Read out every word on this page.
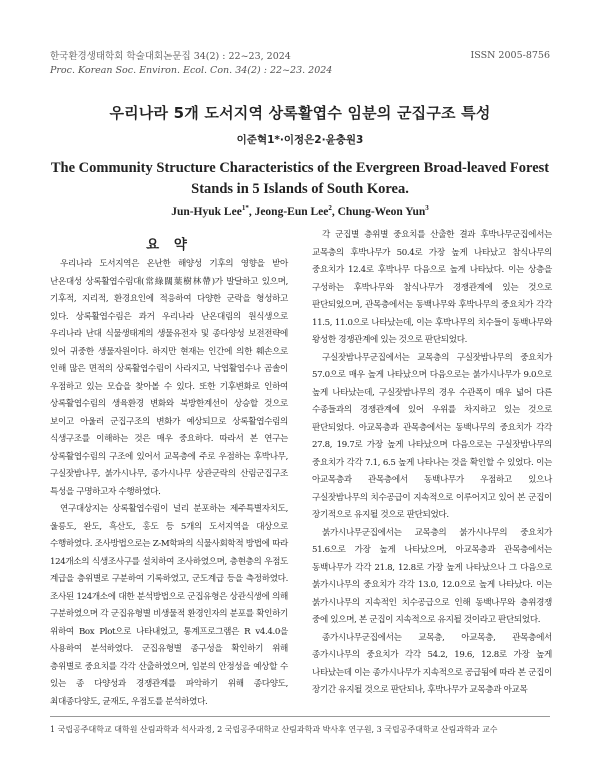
한국환경생태학회 학술대회논문집 34(2) : 22~23, 2024
Proc. Korean Soc. Environ. Ecol. Con. 34(2) : 22~23. 2024
ISSN 2005-8756
우리나라 5개 도서지역 상록활엽수 임분의 군집구조 특성
이준혁1*·이정은2·윤충원3
The Community Structure Characteristics of the Evergreen Broad-leaved Forest Stands in 5 Islands of South Korea.
Jun-Hyuk Lee$^{1*}$, Jeong-Eun Lee$^2$, Chung-Weon Yun$^3$
요 약

우리나라 도서지역은 온난한 해양성 기후의 영향을 받아 난온대성 상록활엽수림대(常綠闊葉樹林帶)가 발달하고 있으며, 기후적, 지리적, 환경요인에 적응하여 다양한 군락을 형성하고 있다. 상록활엽수림은 과거 우리나라 난온대림의 원식생으로 우리나라 난대 식물생태계의 생물유전자 및 종다양성 보전전략에 있어 귀중한 생물자원이다. 하지만 현재는 인간에 의한 훼손으로 인해 많은 면적의 상록활엽수림이 사라지고, 낙엽활엽수나 곰솔이 우점하고 있는 모습을 찾아볼 수 있다. 또한 기후변화로 인하여 상록활엽수림의 생육환경 변화와 북방한계선이 상승할 것으로 보이고 아울러 군집구조의 변화가 예상되므로 상록활엽수림의 식생구조를 이해하는 것은 매우 중요하다. 따라서 본 연구는 상록활엽수림의 구조에 있어서 교목층에 주로 우점하는 후박나무, 구실잣밤나무, 붉가시나무, 종가시나무 상관군락의 산림군집구조 특성을 구명하고자 수행하였다.

연구대상지는 상록활엽수림이 널리 분포하는 제주특별자치도, 울릉도, 완도, 흑산도, 홍도 등 5개의 도서지역을 대상으로 수행하였다. 조사방법으로는 Z-M학파의 식물사회학적 방법에 따라 124개소의 식생조사구를 설치하여 조사하였으며, 층현층의 우점도 계급을 층위별로 구분하여 기록하였고, 군도계급 등을 측정하였다. 조사된 124개소에 대한 분석방법으로 군집유형은 상관식생에 의해 구분하였으며 각 군집유형별 비생물적 환경인자의 분포를 확인하기 위하여 Box Plot으로 나타내었고, 통계프로그램은 R v4.4.0을 사용하여 분석하였다. 군집유형별 종구성을 확인하기 위해 층위별로 중요치를 각각 산출하였으며, 임분의 안정성을 예상할 수 있는 종 다양성과 경쟁관계를 파악하기 위해 종다양도, 최대종다양도, 균재도, 우점도를 분석하였다.

각 군집별 층위별 중요치를 산출한 결과 후박나무군집에서는 교목층의 후박나무가 50.4로 가장 높게 나타났고 참식나무의 중요치가 12.4로 후박나무 다음으로 높게 나타났다. 이는 상층을 구성하는 후박나무와 참식나무가 경쟁관계에 있는 것으로 판단되었으며, 관목층에서는 동백나무와 후박나무의 중요치가 각각 11.5, 11.0으로 나타났는데, 이는 후박나무의 치수들이 동백나무와 왕성한 경쟁관계에 있는 것으로 판단되었다.

구실잣밤나무군집에서는 교목층의 구실잣밤나무의 중요치가 57.0으로 매우 높게 나타났으며 다음으로는 붉가시나무가 9.0으로 높게 나타났는데, 구실잣밤나무의 경우 수관폭이 매우 넓어 다른 수종들과의 경쟁관계에 있어 우위를 차지하고 있는 것으로 판단되었다. 아교목층과 관목층에서는 동백나무의 중요치가 각각 27.8, 19.7로 가장 높게 나타났으며 다음으로는 구실잣밤나무의 중요치가 각각 7.1, 6.5 높게 나타나는 것을 확인할 수 있었다. 이는 아교목층과 관목층에서 동백나무가 우점하고 있으나 구실잣밤나무의 치수공급이 지속적으로 이루어지고 있어 본 군집이 장기적으로 유지될 것으로 판단되었다.

붉가시나무군집에서는 교목층의 붉가시나무의 중요치가 51.6으로 가장 높게 나타났으며, 아교목층과 관목층에서는 동백나무가 각각 21.8, 12.8로 가장 높게 나타났으나 그 다음으로 붉가시나무의 중요치가 각각 13.0, 12.0으로 높게 나타났다. 이는 붉가시나무의 지속적인 치수공급으로 인해 동백나무와 층위경쟁 중에 있으며, 본 군집이 지속적으로 유지될 것이라고 판단되었다.

종가시나무군집에서는 교목층, 아교목층, 관목층에서 종가시나무의 중요치가 각각 54.2, 19.6, 12.8로 가장 높게 나타났는데 이는 종가시나무가 지속적으로 공급됨에 따라 본 군집이 장기간 유지될 것으로 판단되나, 후박나무가 교목층과 아교목

1 국립공주대학교 대학원 산림과학과 석사과정, 2 국립공주대학교 산림과학과 박사후 연구원, 3 국립공주대학교 산림과학과 교수
